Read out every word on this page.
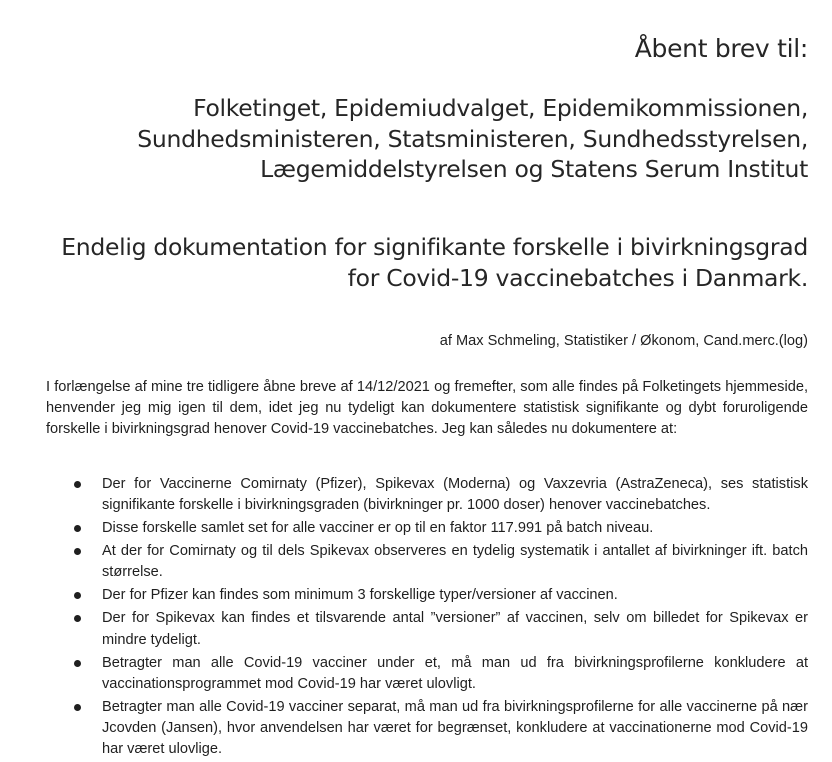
Åbent brev til:
Folketinget, Epidemiudvalget, Epidemikommissionen,
Sundhedsministeren, Statsministeren, Sundhedsstyrelsen,
Lægemiddelstyrelsen og Statens Serum Institut
Endelig dokumentation for signifikante forskelle i bivirkningsgrad
for Covid-19 vaccinebatches i Danmark.
af Max Schmeling, Statistiker / Økonom, Cand.merc.(log)

I forlængelse af mine tre tidligere åbne breve af 14/12/2021 og fremefter, som alle findes på Folketingets hjemmeside, henvender jeg mig igen til dem, idet jeg nu tydeligt kan dokumentere statistisk signifikante og dybt foruroligende forskelle i bivirkningsgrad henover Covid-19 vaccinebatches. Jeg kan således nu dokumentere at:

Der for Vaccinerne Comirnaty (Pfizer), Spikevax (Moderna) og Vaxzevria (AstraZeneca), ses statistisk signifikante forskelle i bivirkningsgraden (bivirkninger pr. 1000 doser) henover vaccinebatches.
Disse forskelle samlet set for alle vacciner er op til en faktor 117.991 på batch niveau.
At der for Comirnaty og til dels Spikevax observeres en tydelig systematik i antallet af bivirkninger ift. batch størrelse.
Der for Pfizer kan findes som minimum 3 forskellige typer/versioner af vaccinen.
Der for Spikevax kan findes et tilsvarende antal ”versioner” af vaccinen, selv om billedet for Spikevax er mindre tydeligt.
Betragter man alle Covid-19 vacciner under et, må man ud fra bivirkningsprofilerne konkludere at vaccinationsprogrammet mod Covid-19 har været ulovligt.
Betragter man alle Covid-19 vacciner separat, må man ud fra bivirkningsprofilerne for alle vaccinerne på nær Jcovden (Jansen), hvor anvendelsen har været for begrænset, konkludere at vaccinationerne mod Covid-19 har været ulovlige.
